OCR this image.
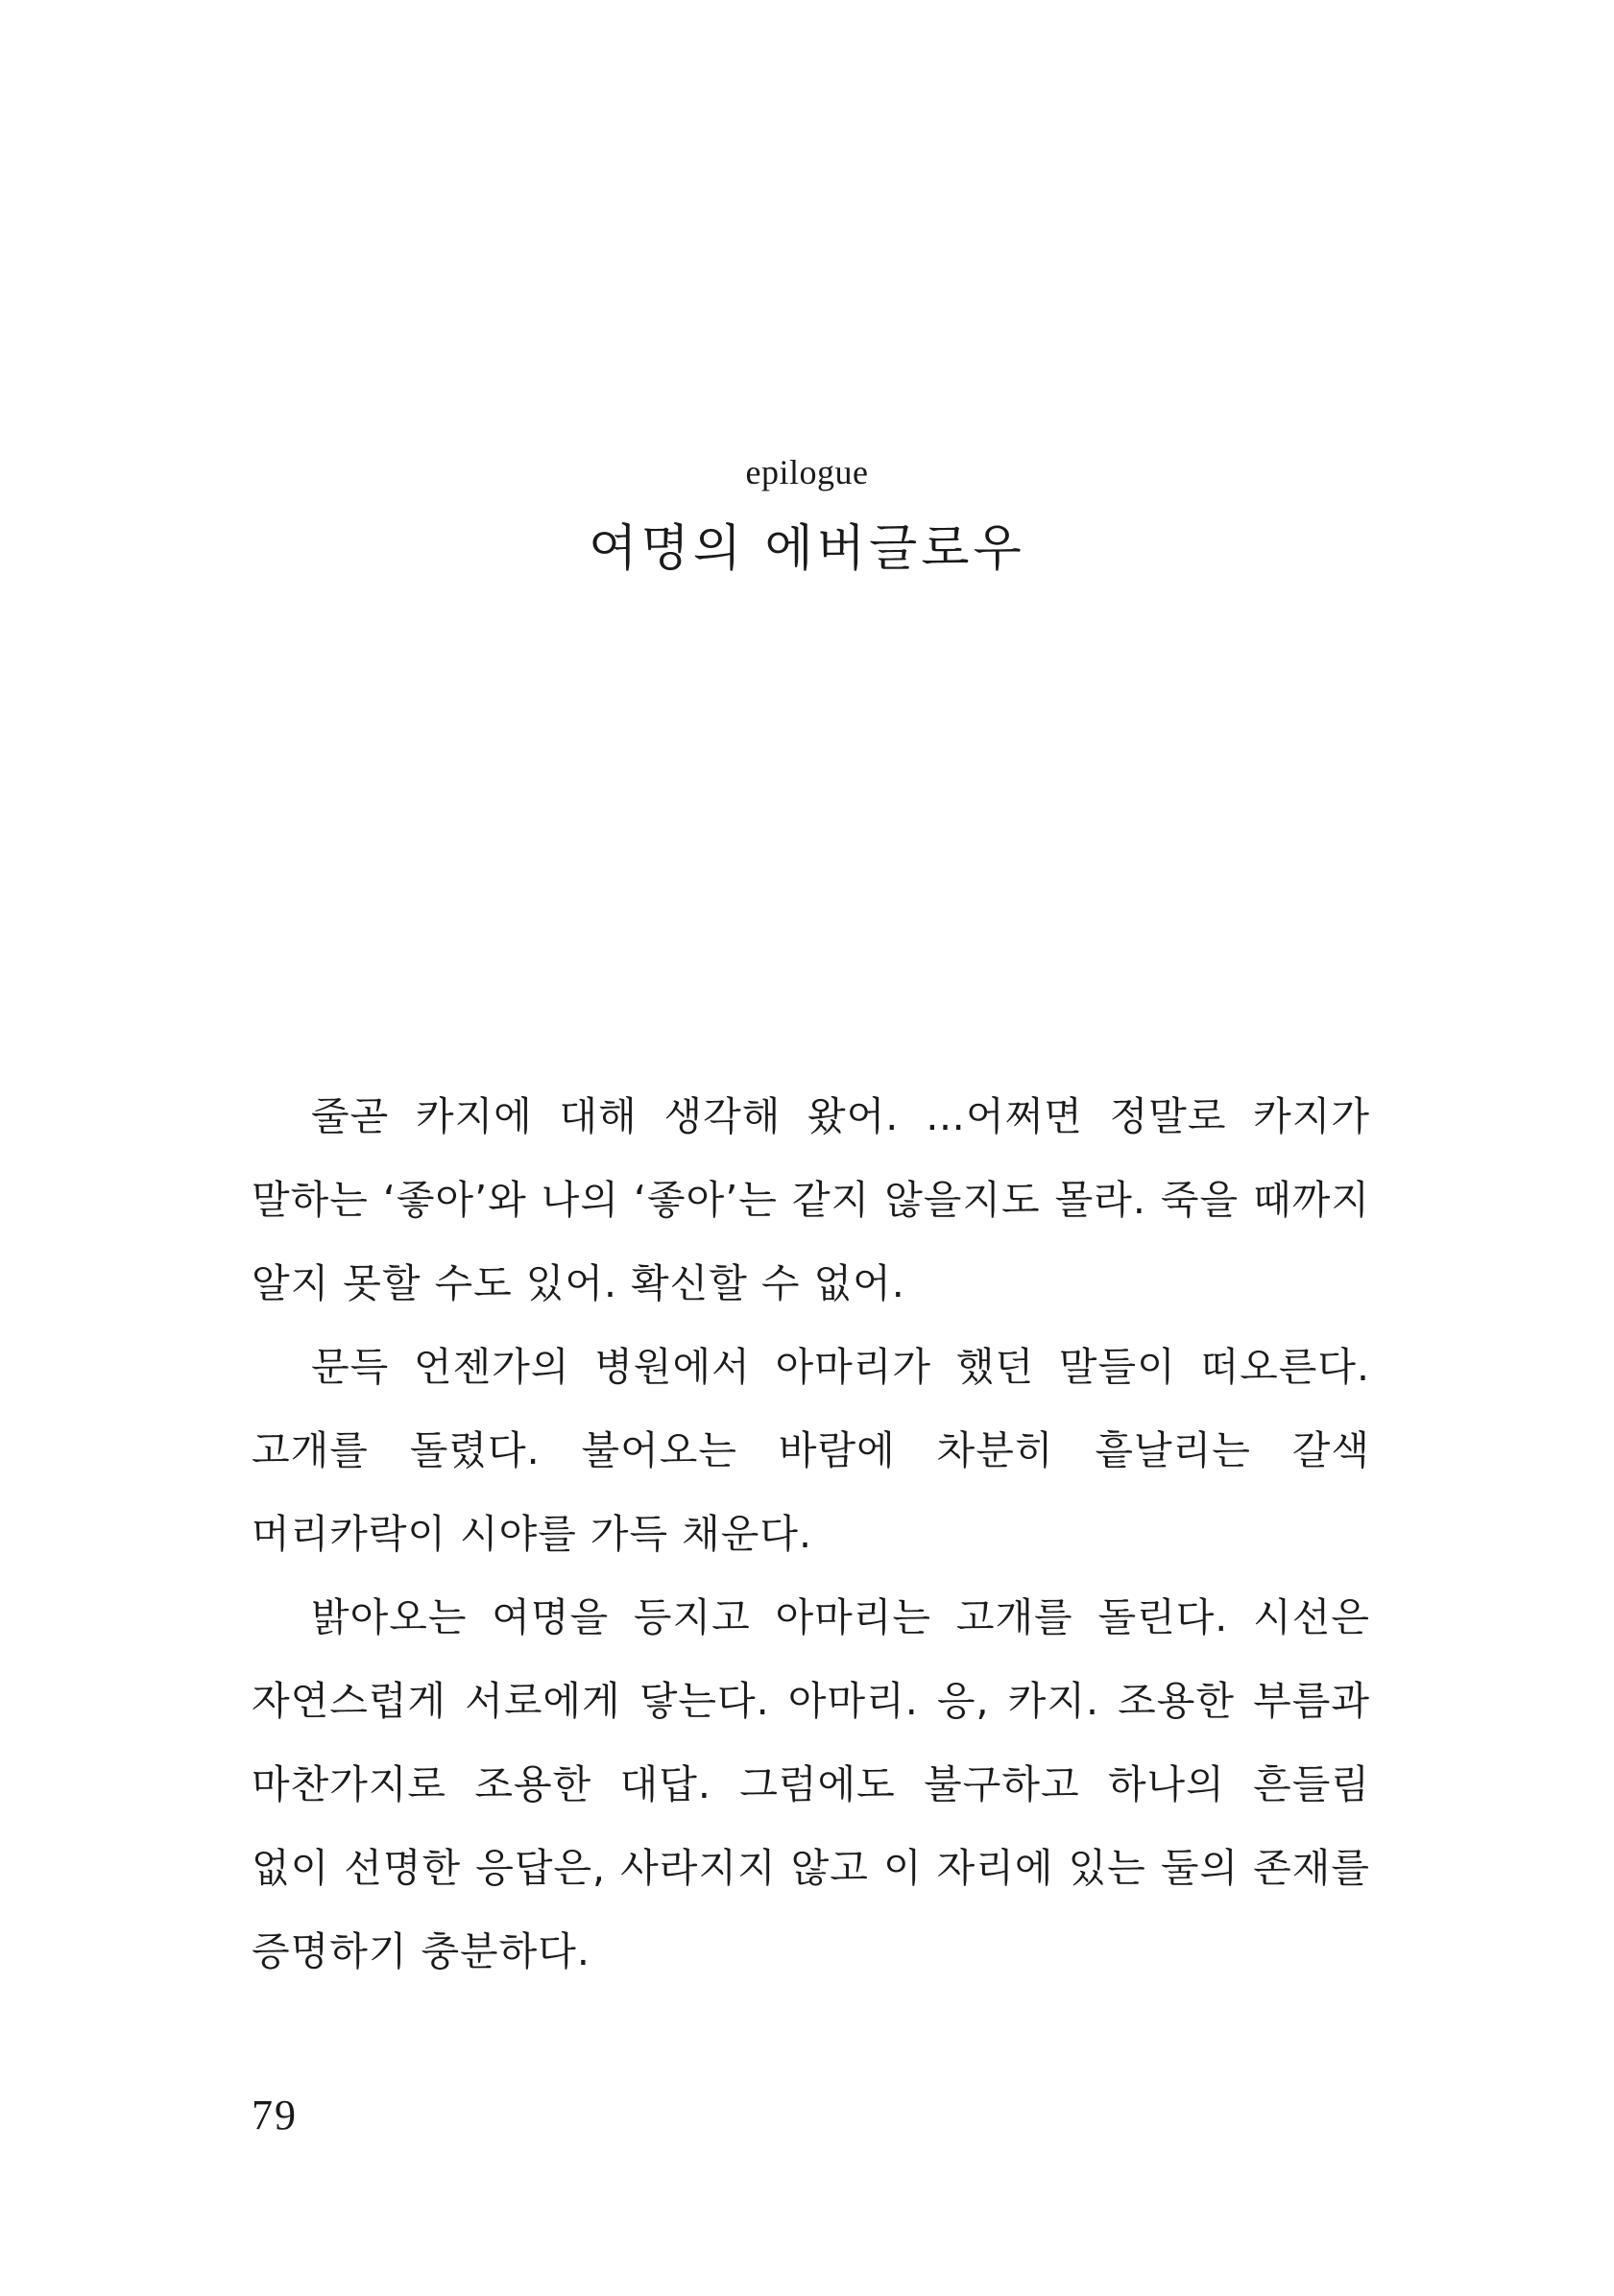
epilogue
여명의 에버글로우

줄곧 카지에 대해 생각해 왔어. …어쩌면 정말로 카지가 말하는 ‘좋아’와 나의 ‘좋아’는 같지 않을지도 몰라. 죽을 때까지 알지 못할 수도 있어. 확신할 수 없어.

문득 언젠가의 병원에서 아마리가 했던 말들이 떠오른다. 고개를 돌렸다. 불어오는 바람에 차분히 흩날리는 갈색 머리카락이 시야를 가득 채운다.

밝아오는 여명을 등지고 아마리는 고개를 돌린다. 시선은 자연스럽게 서로에게 닿는다. 아마리. 응, 카지. 조용한 부름과 마찬가지로 조용한 대답. 그럼에도 불구하고 하나의 흔들림 없이 선명한 응답은, 사라지지 않고 이 자리에 있는 둘의 존재를 증명하기 충분하다.

79
